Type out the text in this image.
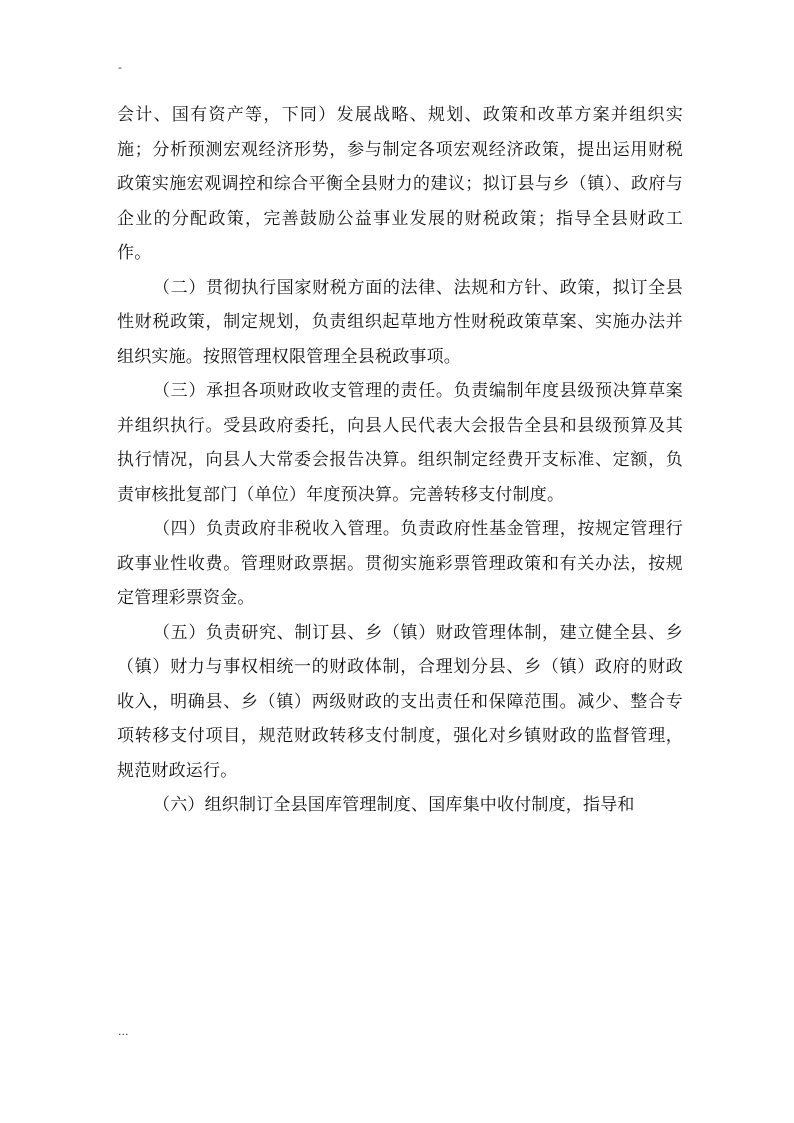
-

会计、国有资产等，下同）发展战略、规划、政策和改革方案并组织实施；分析预测宏观经济形势，参与制定各项宏观经济政策，提出运用财税政策实施宏观调控和综合平衡全县财力的建议；拟订县与乡（镇）、政府与企业的分配政策，完善鼓励公益事业发展的财税政策；指导全县财政工作。

（二）贯彻执行国家财税方面的法律、法规和方针、政策，拟订全县性财税政策，制定规划，负责组织起草地方性财税政策草案、实施办法并组织实施。按照管理权限管理全县税政事项。

（三）承担各项财政收支管理的责任。负责编制年度县级预决算草案并组织执行。受县政府委托，向县人民代表大会报告全县和县级预算及其执行情况，向县人大常委会报告决算。组织制定经费开支标准、定额，负责审核批复部门（单位）年度预决算。完善转移支付制度。

（四）负责政府非税收入管理。负责政府性基金管理，按规定管理行政事业性收费。管理财政票据。贯彻实施彩票管理政策和有关办法，按规定管理彩票资金。

（五）负责研究、制订县、乡（镇）财政管理体制，建立健全县、乡（镇）财力与事权相统一的财政体制，合理划分县、乡（镇）政府的财政收入，明确县、乡（镇）两级财政的支出责任和保障范围。减少、整合专项转移支付项目，规范财政转移支付制度，强化对乡镇财政的监督管理，规范财政运行。

（六）组织制订全县国库管理制度、国库集中收付制度，指导和

...
